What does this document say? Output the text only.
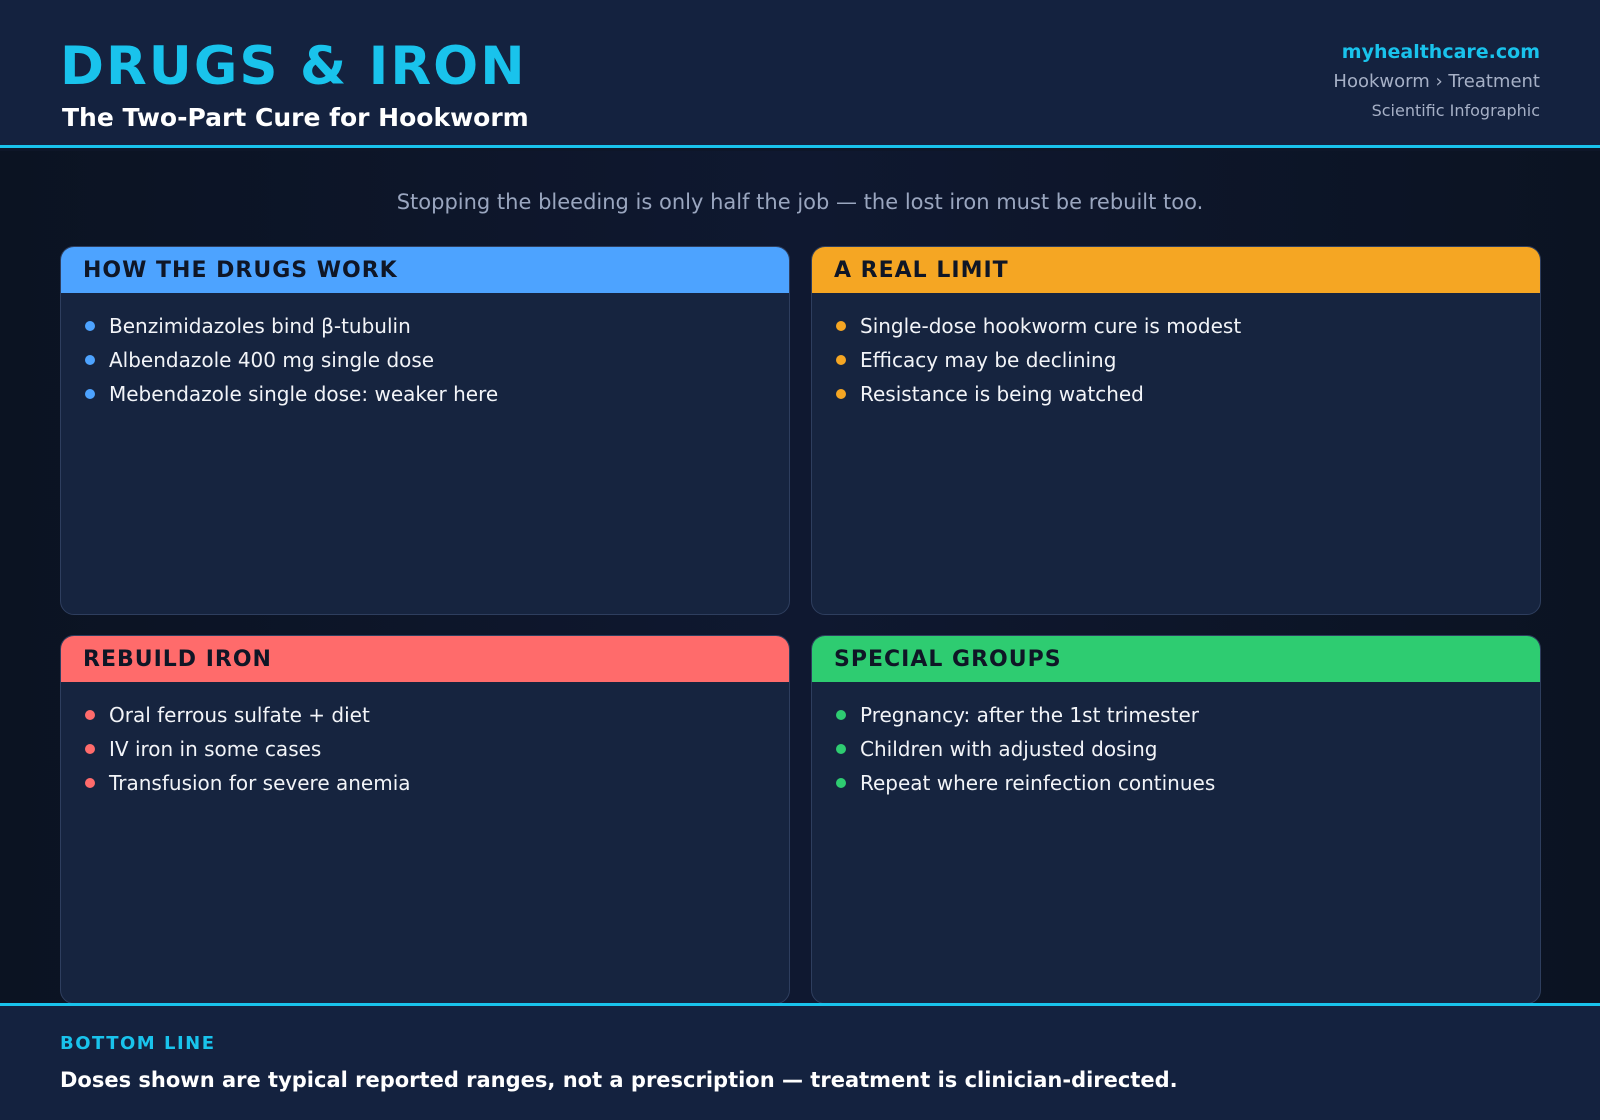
DRUGS & IRON
The Two-Part Cure for Hookworm
myhealthcare.com
Hookworm › Treatment
Scientific Infographic
Stopping the bleeding is only half the job — the lost iron must be rebuilt too.
HOW THE DRUGS WORK
Benzimidazoles bind β-tubulin
Albendazole 400 mg single dose
Mebendazole single dose: weaker here
A REAL LIMIT
Single-dose hookworm cure is modest
Efficacy may be declining
Resistance is being watched
REBUILD IRON
Oral ferrous sulfate + diet
IV iron in some cases
Transfusion for severe anemia
SPECIAL GROUPS
Pregnancy: after the 1st trimester
Children with adjusted dosing
Repeat where reinfection continues
BOTTOM LINE
Doses shown are typical reported ranges, not a prescription — treatment is clinician-directed.
